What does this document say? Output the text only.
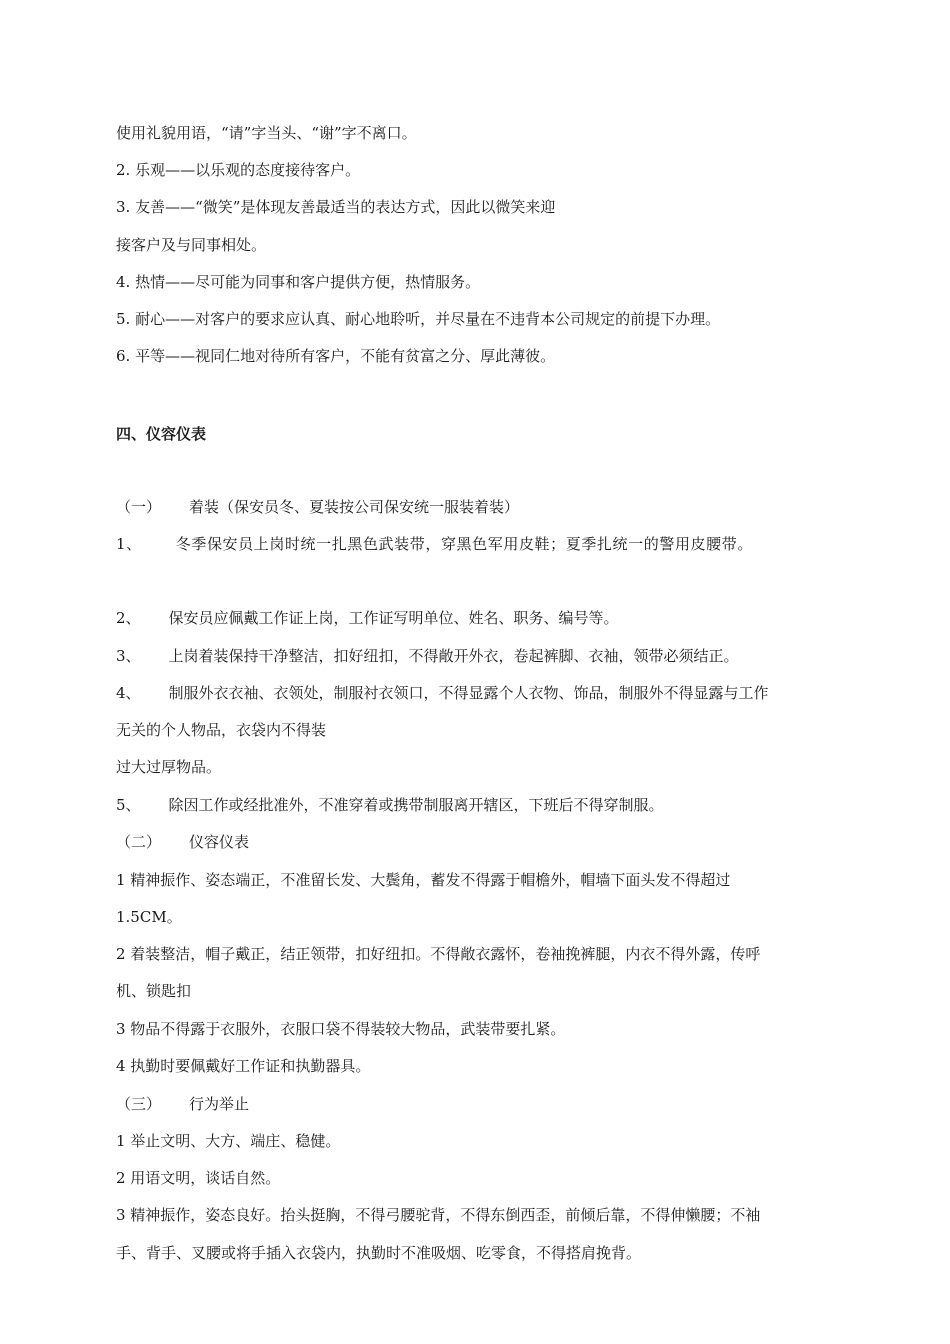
使用礼貌用语，“请”字当头、“谢”字不离口。
2. 乐观——以乐观的态度接待客户。
3. 友善——“微笑”是体现友善最适当的表达方式，因此以微笑来迎
接客户及与同事相处。
4. 热情——尽可能为同事和客户提供方便，热情服务。
5. 耐心——对客户的要求应认真、耐心地聆听，并尽量在不违背本公司规定的前提下办理。
6. 平等——视同仁地对待所有客户，不能有贫富之分、厚此薄彼。
四、仪容仪表
（一） 着装（保安员冬、夏装按公司保安统一服装着装）
1、 冬季保安员上岗时统一扎黑色武装带，穿黑色军用皮鞋；夏季扎统一的警用皮腰带。
2、 保安员应佩戴工作证上岗，工作证写明单位、姓名、职务、编号等。
3、 上岗着装保持干净整洁，扣好纽扣，不得敞开外衣，卷起裤脚、衣袖，领带必须结正。
4、 制服外衣衣袖、衣领处，制服衬衣领口，不得显露个人衣物、饰品，制服外不得显露与工作
无关的个人物品，衣袋内不得装
过大过厚物品。
5、 除因工作或经批准外，不准穿着或携带制服离开辖区，下班后不得穿制服。
（二） 仪容仪表
1 精神振作、姿态端正，不准留长发、大鬓角，蓄发不得露于帽檐外，帽墙下面头发不得超过
1.5CM。
2 着装整洁，帽子戴正，结正领带，扣好纽扣。不得敞衣露怀，卷袖挽裤腿，内衣不得外露，传呼
机、锁匙扣
3 物品不得露于衣服外，衣服口袋不得装较大物品，武装带要扎紧。
4 执勤时要佩戴好工作证和执勤器具。
（三） 行为举止
1 举止文明、大方、端庄、稳健。
2 用语文明，谈话自然。
3 精神振作，姿态良好。抬头挺胸，不得弓腰驼背，不得东倒西歪，前倾后靠，不得伸懒腰；不袖
手、背手、叉腰或将手插入衣袋内，执勤时不准吸烟、吃零食，不得搭肩挽背。
